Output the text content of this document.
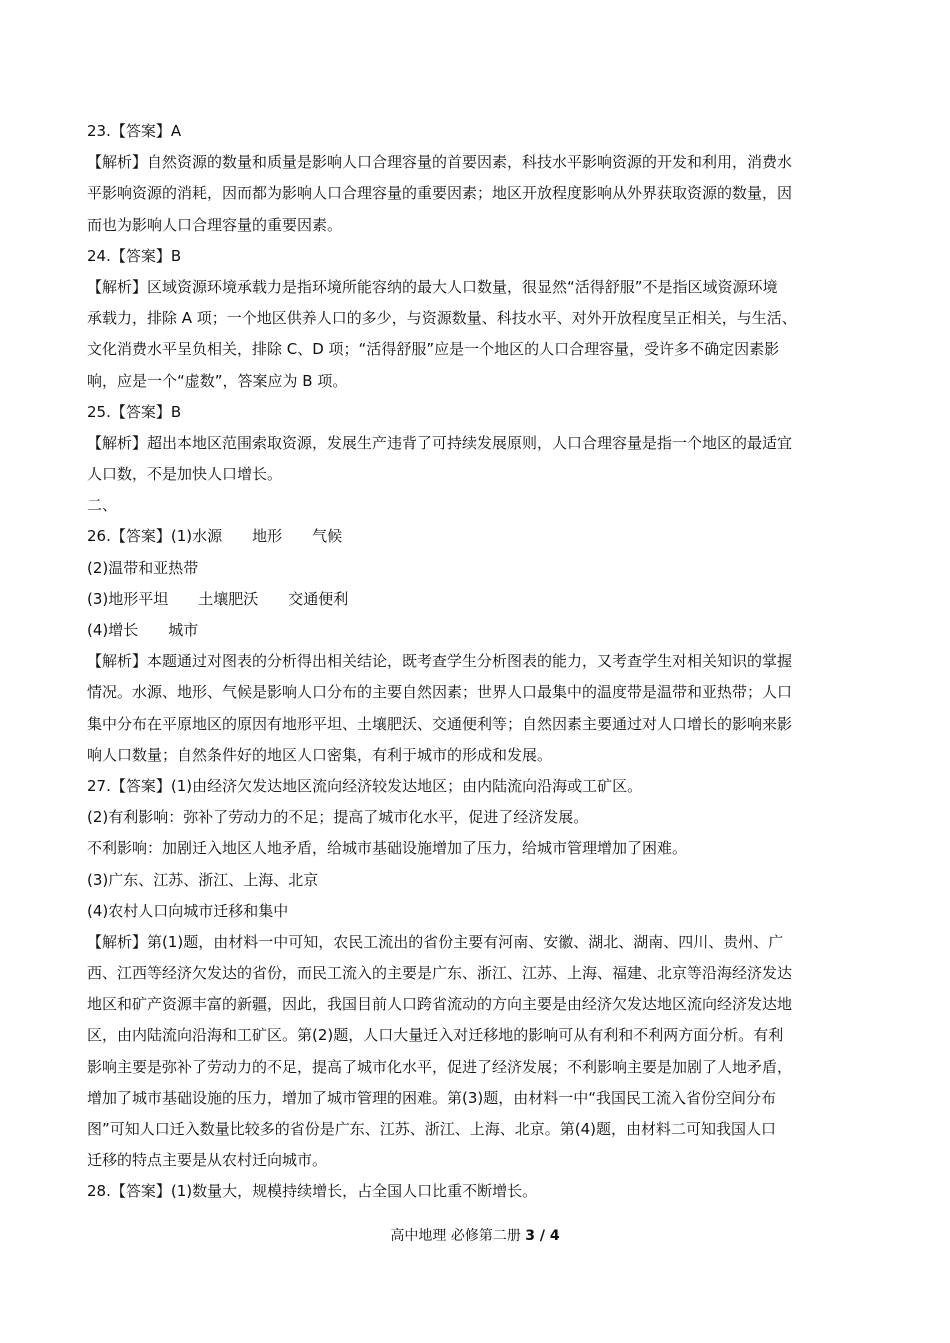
23.【答案】A
【解析】自然资源的数量和质量是影响人口合理容量的首要因素，科技水平影响资源的开发和利用，消费水
平影响资源的消耗，因而都为影响人口合理容量的重要因素；地区开放程度影响从外界获取资源的数量，因
而也为影响人口合理容量的重要因素。
24.【答案】B
【解析】区域资源环境承载力是指环境所能容纳的最大人口数量，很显然“活得舒服”不是指区域资源环境
承载力，排除 A 项；一个地区供养人口的多少，与资源数量、科技水平、对外开放程度呈正相关，与生活、
文化消费水平呈负相关，排除 C、D 项；“活得舒服”应是一个地区的人口合理容量，受许多不确定因素影
响，应是一个“虚数”，答案应为 B 项。
25.【答案】B
【解析】超出本地区范围索取资源，发展生产违背了可持续发展原则，人口合理容量是指一个地区的最适宜
人口数，不是加快人口增长。
二、
26.【答案】(1)水源 地形 气候
(2)温带和亚热带
(3)地形平坦 土壤肥沃 交通便利
(4)增长 城市
【解析】本题通过对图表的分析得出相关结论，既考查学生分析图表的能力，又考查学生对相关知识的掌握
情况。水源、地形、气候是影响人口分布的主要自然因素；世界人口最集中的温度带是温带和亚热带；人口
集中分布在平原地区的原因有地形平坦、土壤肥沃、交通便利等；自然因素主要通过对人口增长的影响来影
响人口数量；自然条件好的地区人口密集，有利于城市的形成和发展。
27.【答案】(1)由经济欠发达地区流向经济较发达地区；由内陆流向沿海或工矿区。
(2)有利影响：弥补了劳动力的不足；提高了城市化水平，促进了经济发展。
不利影响：加剧迁入地区人地矛盾，给城市基础设施增加了压力，给城市管理增加了困难。
(3)广东、江苏、浙江、上海、北京
(4)农村人口向城市迁移和集中
【解析】第(1)题，由材料一中可知，农民工流出的省份主要有河南、安徽、湖北、湖南、四川、贵州、广
西、江西等经济欠发达的省份，而民工流入的主要是广东、浙江、江苏、上海、福建、北京等沿海经济发达
地区和矿产资源丰富的新疆，因此，我国目前人口跨省流动的方向主要是由经济欠发达地区流向经济发达地
区，由内陆流向沿海和工矿区。第(2)题，人口大量迁入对迁移地的影响可从有利和不利两方面分析。有利
影响主要是弥补了劳动力的不足，提高了城市化水平，促进了经济发展；不利影响主要是加剧了人地矛盾，
增加了城市基础设施的压力，增加了城市管理的困难。第(3)题，由材料一中“我国民工流入省份空间分布
图”可知人口迁入数量比较多的省份是广东、江苏、浙江、上海、北京。第(4)题，由材料二可知我国人口
迁移的特点主要是从农村迁向城市。
28.【答案】(1)数量大，规模持续增长，占全国人口比重不断增长。
高中地理 必修第二册 3 / 4
